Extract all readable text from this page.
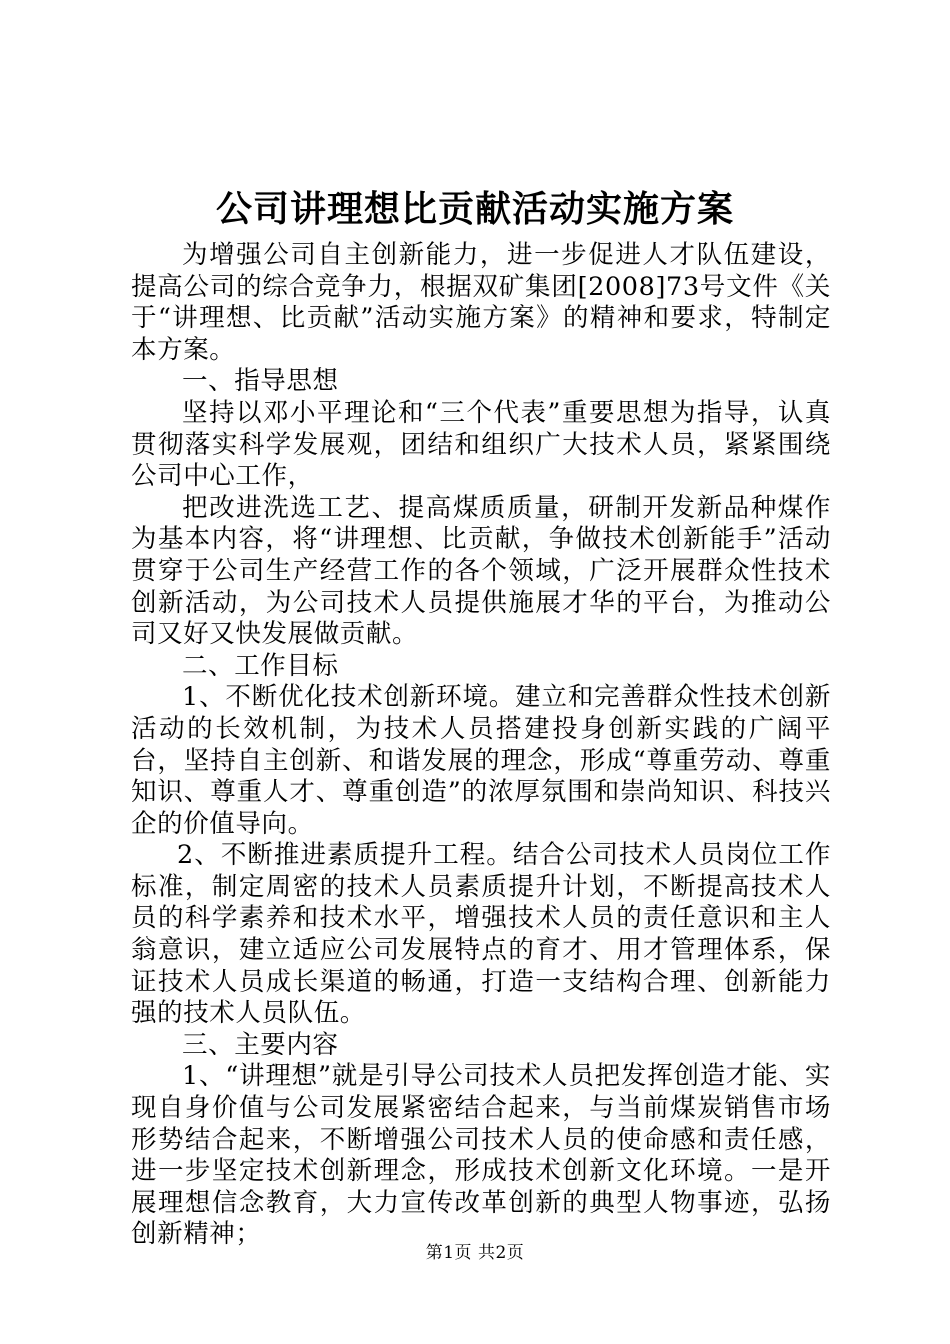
公司讲理想比贡献活动实施方案

为增强公司自主创新能力，进一步促进人才队伍建设，提高公司的综合竞争力，根据双矿集团[2008]73号文件《关于“讲理想、比贡献”活动实施方案》的精神和要求，特制定本方案。

一、指导思想

坚持以邓小平理论和“三个代表”重要思想为指导，认真贯彻落实科学发展观，团结和组织广大技术人员，紧紧围绕公司中心工作，

把改进洗选工艺、提高煤质质量，研制开发新品种煤作为基本内容，将“讲理想、比贡献，争做技术创新能手”活动贯穿于公司生产经营工作的各个领域，广泛开展群众性技术创新活动，为公司技术人员提供施展才华的平台，为推动公司又好又快发展做贡献。

二、工作目标

1、不断优化技术创新环境。建立和完善群众性技术创新活动的长效机制，为技术人员搭建投身创新实践的广阔平台，坚持自主创新、和谐发展的理念，形成“尊重劳动、尊重知识、尊重人才、尊重创造”的浓厚氛围和崇尚知识、科技兴企的价值导向。

2、不断推进素质提升工程。结合公司技术人员岗位工作标准，制定周密的技术人员素质提升计划，不断提高技术人员的科学素养和技术水平，增强技术人员的责任意识和主人翁意识，建立适应公司发展特点的育才、用才管理体系，保证技术人员成长渠道的畅通，打造一支结构合理、创新能力强的技术人员队伍。

三、主要内容

1、“讲理想”就是引导公司技术人员把发挥创造才能、实现自身价值与公司发展紧密结合起来，与当前煤炭销售市场形势结合起来，不断增强公司技术人员的使命感和责任感，进一步坚定技术创新理念，形成技术创新文化环境。一是开展理想信念教育，大力宣传改革创新的典型人物事迹，弘扬创新精神；

第1页 共2页
